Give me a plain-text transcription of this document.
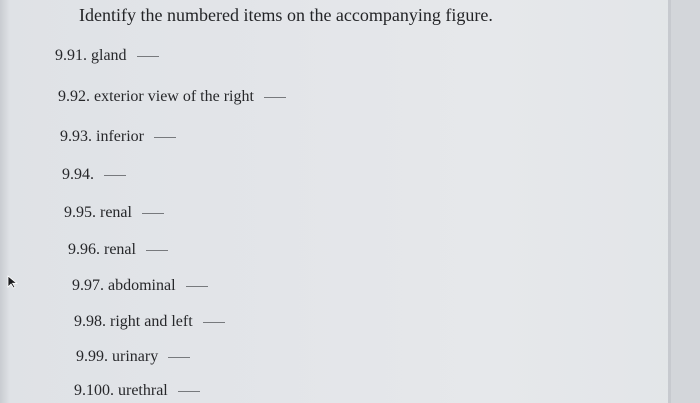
Identify the numbered items on the accompanying figure.
9.91. gland
9.92. exterior view of the right
9.93. inferior
9.94.
9.95. renal
9.96. renal
9.97. abdominal
9.98. right and left
9.99. urinary
9.100. urethral
